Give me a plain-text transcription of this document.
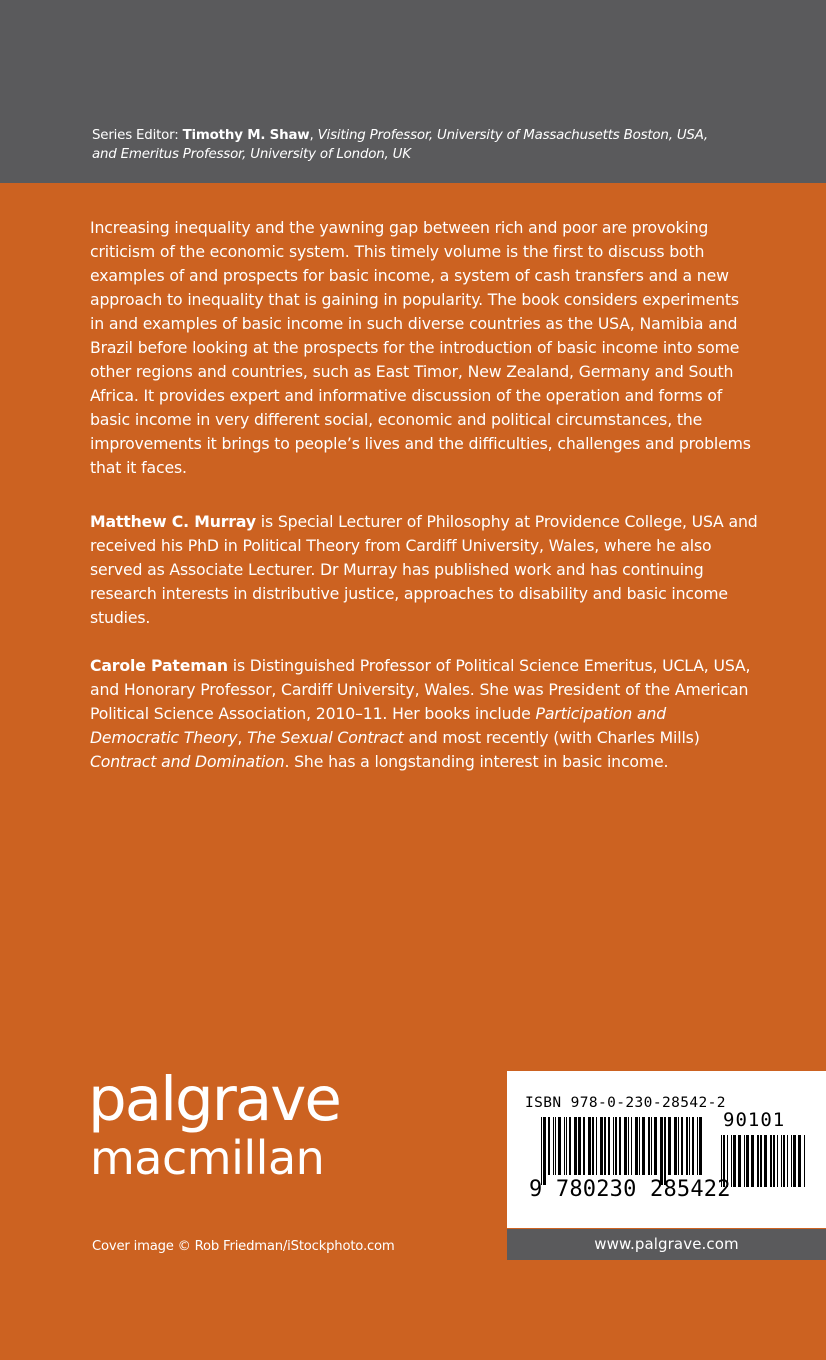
Series Editor: Timothy M. Shaw, Visiting Professor, University of Massachusetts Boston, USA,
and Emeritus Professor, University of London, UK
Increasing inequality and the yawning gap between rich and poor are provoking
criticism of the economic system. This timely volume is the first to discuss both
examples of and prospects for basic income, a system of cash transfers and a new
approach to inequality that is gaining in popularity. The book considers experiments
in and examples of basic income in such diverse countries as the USA, Namibia and
Brazil before looking at the prospects for the introduction of basic income into some
other regions and countries, such as East Timor, New Zealand, Germany and South
Africa. It provides expert and informative discussion of the operation and forms of
basic income in very different social, economic and political circumstances, the
improvements it brings to people’s lives and the difficulties, challenges and problems
that it faces.
Matthew C. Murray is Special Lecturer of Philosophy at Providence College, USA and
received his PhD in Political Theory from Cardiff University, Wales, where he also
served as Associate Lecturer. Dr Murray has published work and has continuing
research interests in distributive justice, approaches to disability and basic income
studies.
Carole Pateman is Distinguished Professor of Political Science Emeritus, UCLA, USA,
and Honorary Professor, Cardiff University, Wales. She was President of the American
Political Science Association, 2010–11. Her books include Participation and
Democratic Theory, The Sexual Contract and most recently (with Charles Mills)
Contract and Domination. She has a longstanding interest in basic income.
palgrave
macmillan
Cover image © Rob Friedman/iStockphoto.com
ISBN 978-0-230-28542-2
9 780230 285422
90101
www.palgrave.com
